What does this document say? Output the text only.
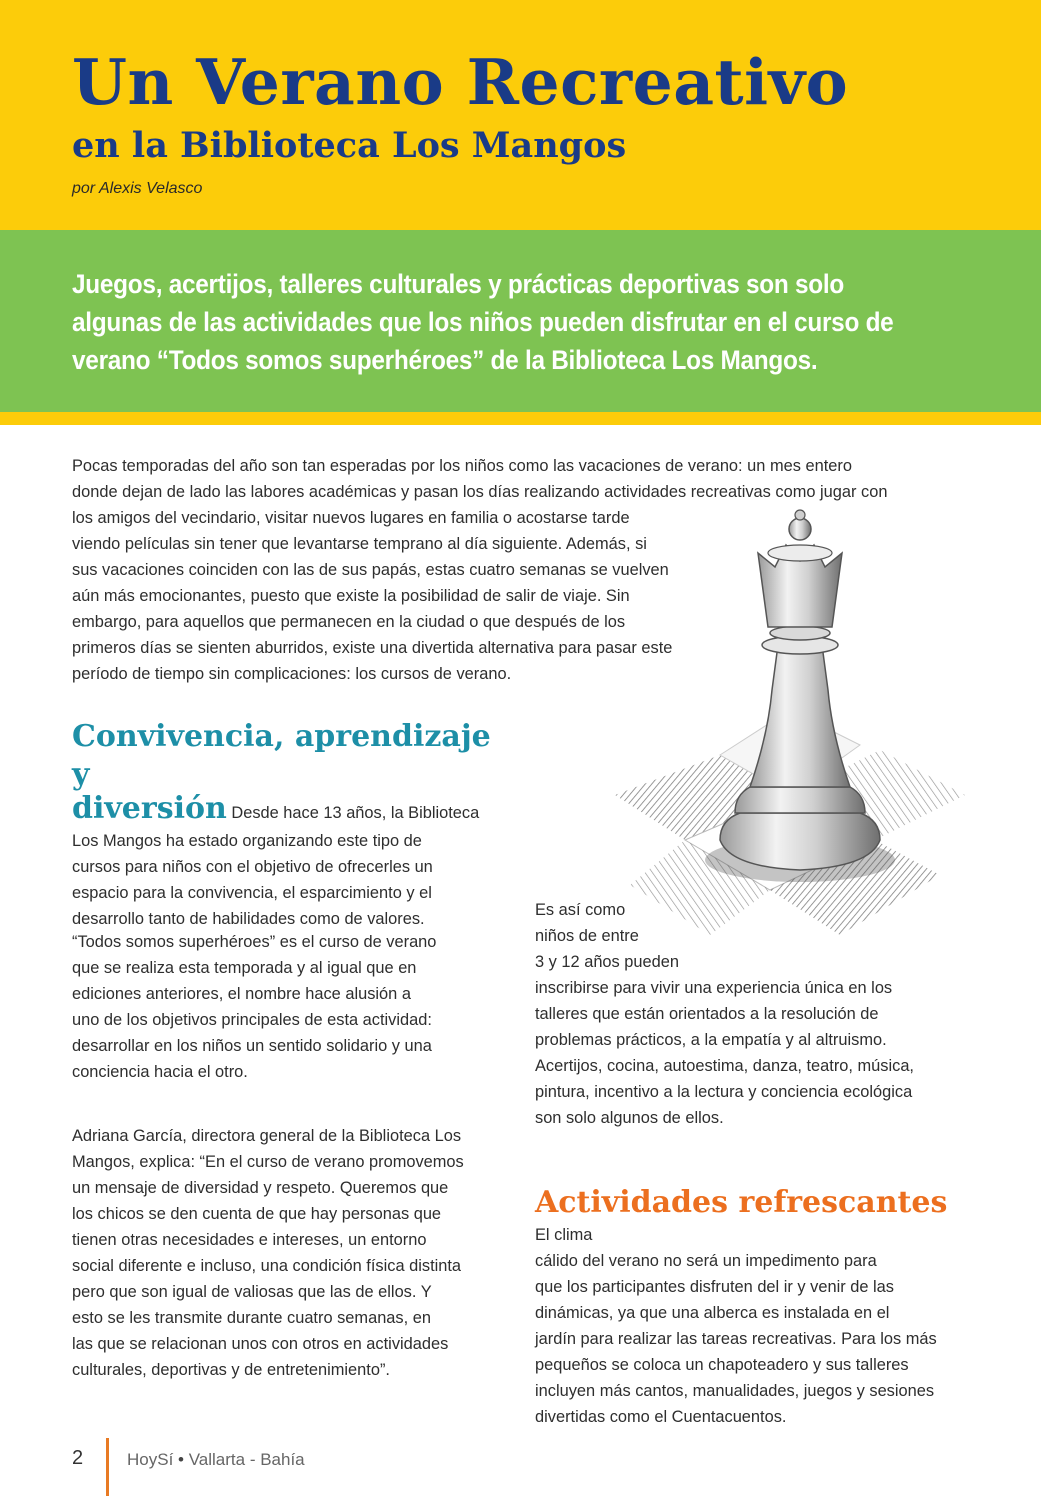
Un Verano Recreativo
en la Biblioteca Los Mangos
por Alexis Velasco

Juegos, acertijos, talleres culturales y prácticas deportivas son solo algunas de las actividades que los niños pueden disfrutar en el curso de verano “Todos somos superhéroes” de la Biblioteca Los Mangos.

Pocas temporadas del año son tan esperadas por los niños como las vacaciones de verano: un mes entero
donde dejan de lado las labores académicas y pasan los días realizando actividades recreativas como jugar con
los amigos del vecindario, visitar nuevos lugares en familia o acostarse tarde
viendo películas sin tener que levantarse temprano al día siguiente. Además, si
sus vacaciones coinciden con las de sus papás, estas cuatro semanas se vuelven
aún más emocionantes, puesto que existe la posibilidad de salir de viaje. Sin
embargo, para aquellos que permanecen en la ciudad o que después de los
primeros días se sienten aburridos, existe una divertida alternativa para pasar este
período de tiempo sin complicaciones: los cursos de verano.
Convivencia, aprendizaje y
diversión Desde hace 13 años, la Biblioteca
Los Mangos ha estado organizando este tipo de
cursos para niños con el objetivo de ofrecerles un
espacio para la convivencia, el esparcimiento y el
desarrollo tanto de habilidades como de valores.
“Todos somos superhéroes” es el curso de verano
que se realiza esta temporada y al igual que en
ediciones anteriores, el nombre hace alusión a
uno de los objetivos principales de esta actividad:
desarrollar en los niños un sentido solidario y una
conciencia hacia el otro.
Adriana García, directora general de la Biblioteca Los
Mangos, explica: “En el curso de verano promovemos
un mensaje de diversidad y respeto. Queremos que
los chicos se den cuenta de que hay personas que
tienen otras necesidades e intereses, un entorno
social diferente e incluso, una condición física distinta
pero que son igual de valiosas que las de ellos. Y
esto se les transmite durante cuatro semanas, en
las que se relacionan unos con otros en actividades
culturales, deportivas y de entretenimiento”.
Es así como
niños de entre
3 y 12 años pueden
inscribirse para vivir una experiencia única en los
talleres que están orientados a la resolución de
problemas prácticos, a la empatía y al altruismo.
Acertijos, cocina, autoestima, danza, teatro, música,
pintura, incentivo a la lectura y conciencia ecológica
son solo algunos de ellos.
Actividades refrescantes El clima
cálido del verano no será un impedimento para
que los participantes disfruten del ir y venir de las
dinámicas, ya que una alberca es instalada en el
jardín para realizar las tareas recreativas. Para los más
pequeños se coloca un chapoteadero y sus talleres
incluyen más cantos, manualidades, juegos y sesiones
divertidas como el Cuentacuentos.
2	HoySí • Vallarta - Bahía
